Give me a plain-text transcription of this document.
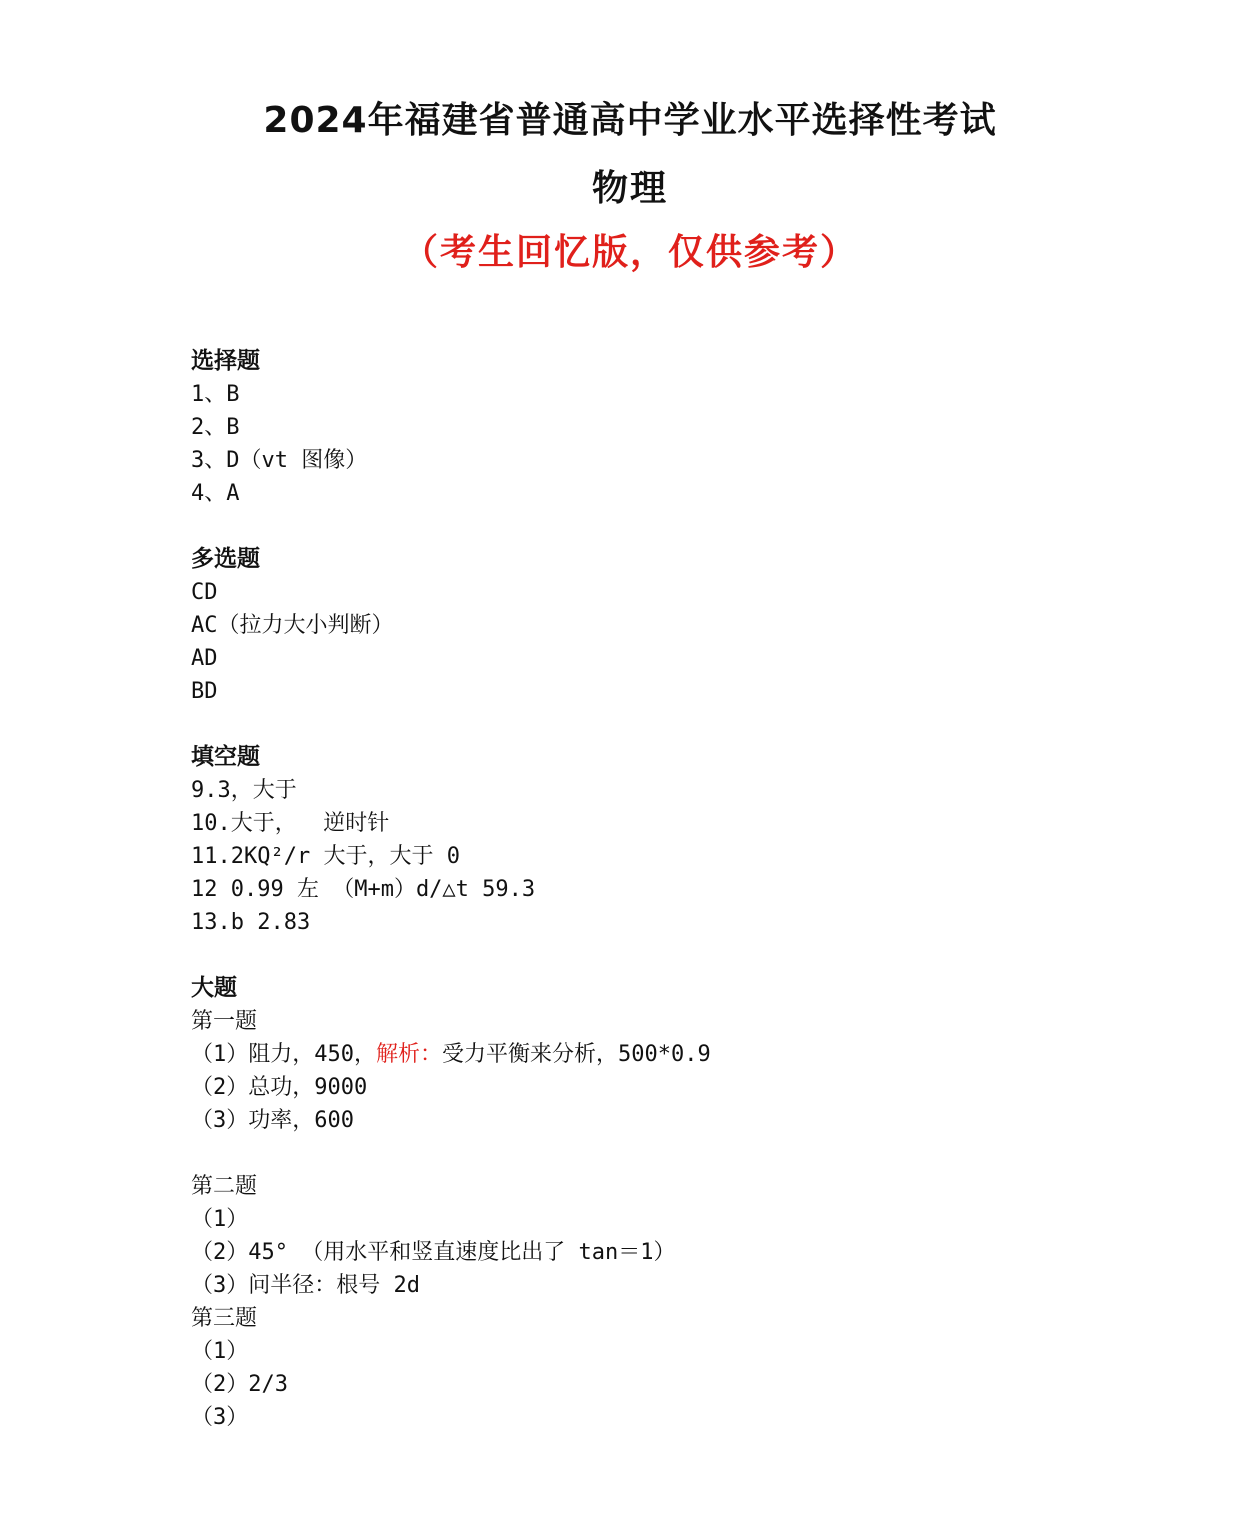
2024年福建省普通高中学业水平选择性考试
物理
（考生回忆版，仅供参考）
选择题
1、B
2、B
3、D（vt 图像）
4、A
多选题
CD
AC（拉力大小判断）
AD
BD
填空题
9.3，大于
10.大于，  逆时针
11.2KQ²/r 大于，大于 0
12 0.99 左 （M+m）d/△t 59.3
13.b 2.83
大题
第一题
（1）阻力，450，解析：受力平衡来分析，500*0.9
（2）总功，9000
（3）功率，600
第二题
（1）
（2）45° （用水平和竖直速度比出了 tan＝1）
（3）问半径：根号 2d
第三题
（1）
（2）2/3
（3）
